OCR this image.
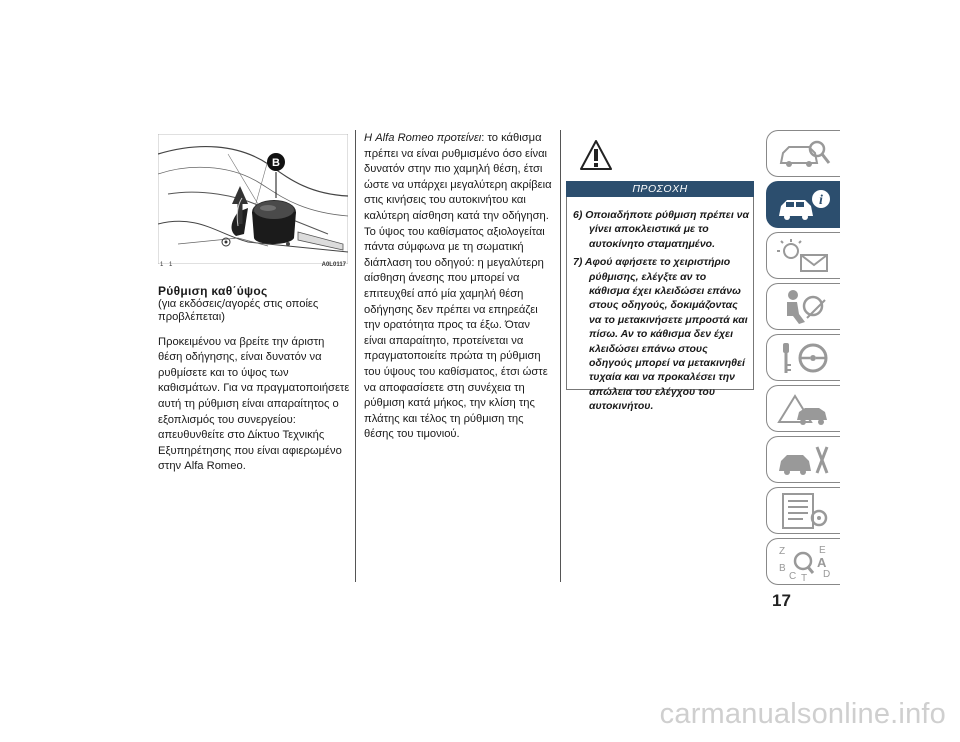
B
1 1	A0L0117
Ρύθμιση καθ΄ύψος
(για εκδόσεις/αγορές στις οποίες προβλέπεται)
Προκειμένου να βρείτε την άριστη θέση οδήγησης, είναι δυνατόν να ρυθμίσετε και το ύψος των καθισμάτων. Για να πραγματοποιήσετε αυτή τη ρύθμιση είναι απαραίτητος ο εξοπλισμός του συνεργείου: απευθυνθείτε στο Δίκτυο Τεχνικής Εξυπηρέτησης που είναι αφιερωμένο στην Alfa Romeo.
Η Alfa Romeo προτείνει: το κάθισμα πρέπει να είναι ρυθμισμένο όσο είναι δυνατόν στην πιο χαμηλή θέση, έτσι ώστε να υπάρχει μεγαλύτερη ακρίβεια στις κινήσεις του αυτοκινήτου και καλύτερη αίσθηση κατά την οδήγηση. Το ύψος του καθίσματος αξιολογείται πάντα σύμφωνα με τη σωματική διάπλαση του οδηγού: η μεγαλύτερη αίσθηση άνεσης που μπορεί να επιτευχθεί από μία χαμηλή θέση οδήγησης δεν πρέπει να επηρεάζει την ορατότητα προς τα έξω. Όταν είναι απαραίτητο, προτείνεται να πραγματοποιείτε πρώτα τη ρύθμιση του ύψους του καθίσματος, έτσι ώστε να αποφασίσετε στη συνέχεια τη ρύθμιση κατά μήκος, την κλίση της πλάτης και τέλος τη ρύθμιση της θέσης του τιμονιού.
ΠΡΟΣΟΧΗ

6) Οποιαδήποτε ρύθμιση πρέπει να γίνει αποκλειστικά με το αυτοκίνητο σταματημένο.

7) Αφού αφήσετε το χειριστήριο ρύθμισης, ελέγξτε αν το κάθισμα έχει κλειδώσει επάνω στους οδηγούς, δοκιμάζοντας να το μετακινήσετε μπροστά και πίσω. Αν το κάθισμα δεν έχει κλειδώσει επάνω στους οδηγούς μπορεί να μετακινηθεί τυχαία και να προκαλέσει την απώλεια του ελέγχου του αυτοκινήτου.

i
Z	E
A
B
C T D
17
carmanualsonline.info
